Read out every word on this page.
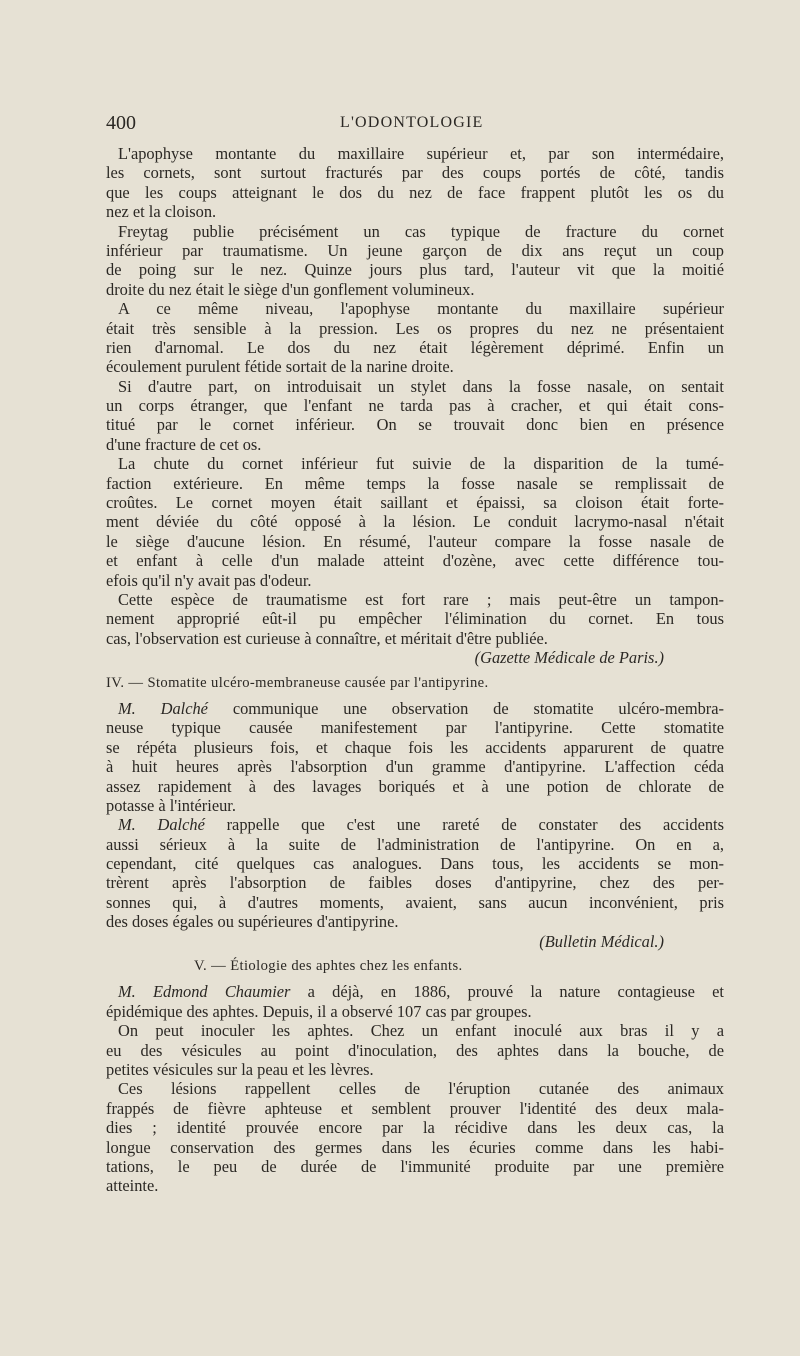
400	L'ODONTOLOGIE
L'apophyse montante du maxillaire supérieur et, par son intermédaire,
les cornets, sont surtout fracturés par des coups portés de côté, tandis
que les coups atteignant le dos du nez de face frappent plutôt les os du
nez et la cloison.
Freytag publie précisément un cas typique de fracture du cornet
inférieur par traumatisme. Un jeune garçon de dix ans reçut un coup
de poing sur le nez. Quinze jours plus tard, l'auteur vit que la moitié
droite du nez était le siège d'un gonflement volumineux.
A ce même niveau, l'apophyse montante du maxillaire supérieur
était très sensible à la pression. Les os propres du nez ne présentaient
rien d'arnomal. Le dos du nez était légèrement déprimé. Enfin un
écoulement purulent fétide sortait de la narine droite.
Si d'autre part, on introduisait un stylet dans la fosse nasale, on sentait
un corps étranger, que l'enfant ne tarda pas à cracher, et qui était cons-
titué par le cornet inférieur. On se trouvait donc bien en présence
d'une fracture de cet os.
La chute du cornet inférieur fut suivie de la disparition de la tumé-
faction extérieure. En même temps la fosse nasale se remplissait de
croûtes. Le cornet moyen était saillant et épaissi, sa cloison était forte-
ment déviée du côté opposé à la lésion. Le conduit lacrymo-nasal n'était
le siège d'aucune lésion. En résumé, l'auteur compare la fosse nasale de
et enfant à celle d'un malade atteint d'ozène, avec cette différence tou-
efois qu'il n'y avait pas d'odeur.
Cette espèce de traumatisme est fort rare ; mais peut-être un tampon-
nement approprié eût-il pu empêcher l'élimination du cornet. En tous
cas, l'observation est curieuse à connaître, et méritait d'être publiée.
(Gazette Médicale de Paris.)
IV. — Stomatite ulcéro-membraneuse causée par l'antipyrine.
M. Dalché communique une observation de stomatite ulcéro-membra-
neuse typique causée manifestement par l'antipyrine. Cette stomatite
se répéta plusieurs fois, et chaque fois les accidents apparurent de quatre
à huit heures après l'absorption d'un gramme d'antipyrine. L'affection céda
assez rapidement à des lavages boriqués et à une potion de chlorate de
potasse à l'intérieur.
M. Dalché rappelle que c'est une rareté de constater des accidents
aussi sérieux à la suite de l'administration de l'antipyrine. On en a,
cependant, cité quelques cas analogues. Dans tous, les accidents se mon-
trèrent après l'absorption de faibles doses d'antipyrine, chez des per-
sonnes qui, à d'autres moments, avaient, sans aucun inconvénient, pris
des doses égales ou supérieures d'antipyrine.
(Bulletin Médical.)
V. — Étiologie des aphtes chez les enfants.
M. Edmond Chaumier a déjà, en 1886, prouvé la nature contagieuse et
épidémique des aphtes. Depuis, il a observé 107 cas par groupes.
On peut inoculer les aphtes. Chez un enfant inoculé aux bras il y a
eu des vésicules au point d'inoculation, des aphtes dans la bouche, de
petites vésicules sur la peau et les lèvres.
Ces lésions rappellent celles de l'éruption cutanée des animaux
frappés de fièvre aphteuse et semblent prouver l'identité des deux mala-
dies ; identité prouvée encore par la récidive dans les deux cas, la
longue conservation des germes dans les écuries comme dans les habi-
tations, le peu de durée de l'immunité produite par une première
atteinte.
